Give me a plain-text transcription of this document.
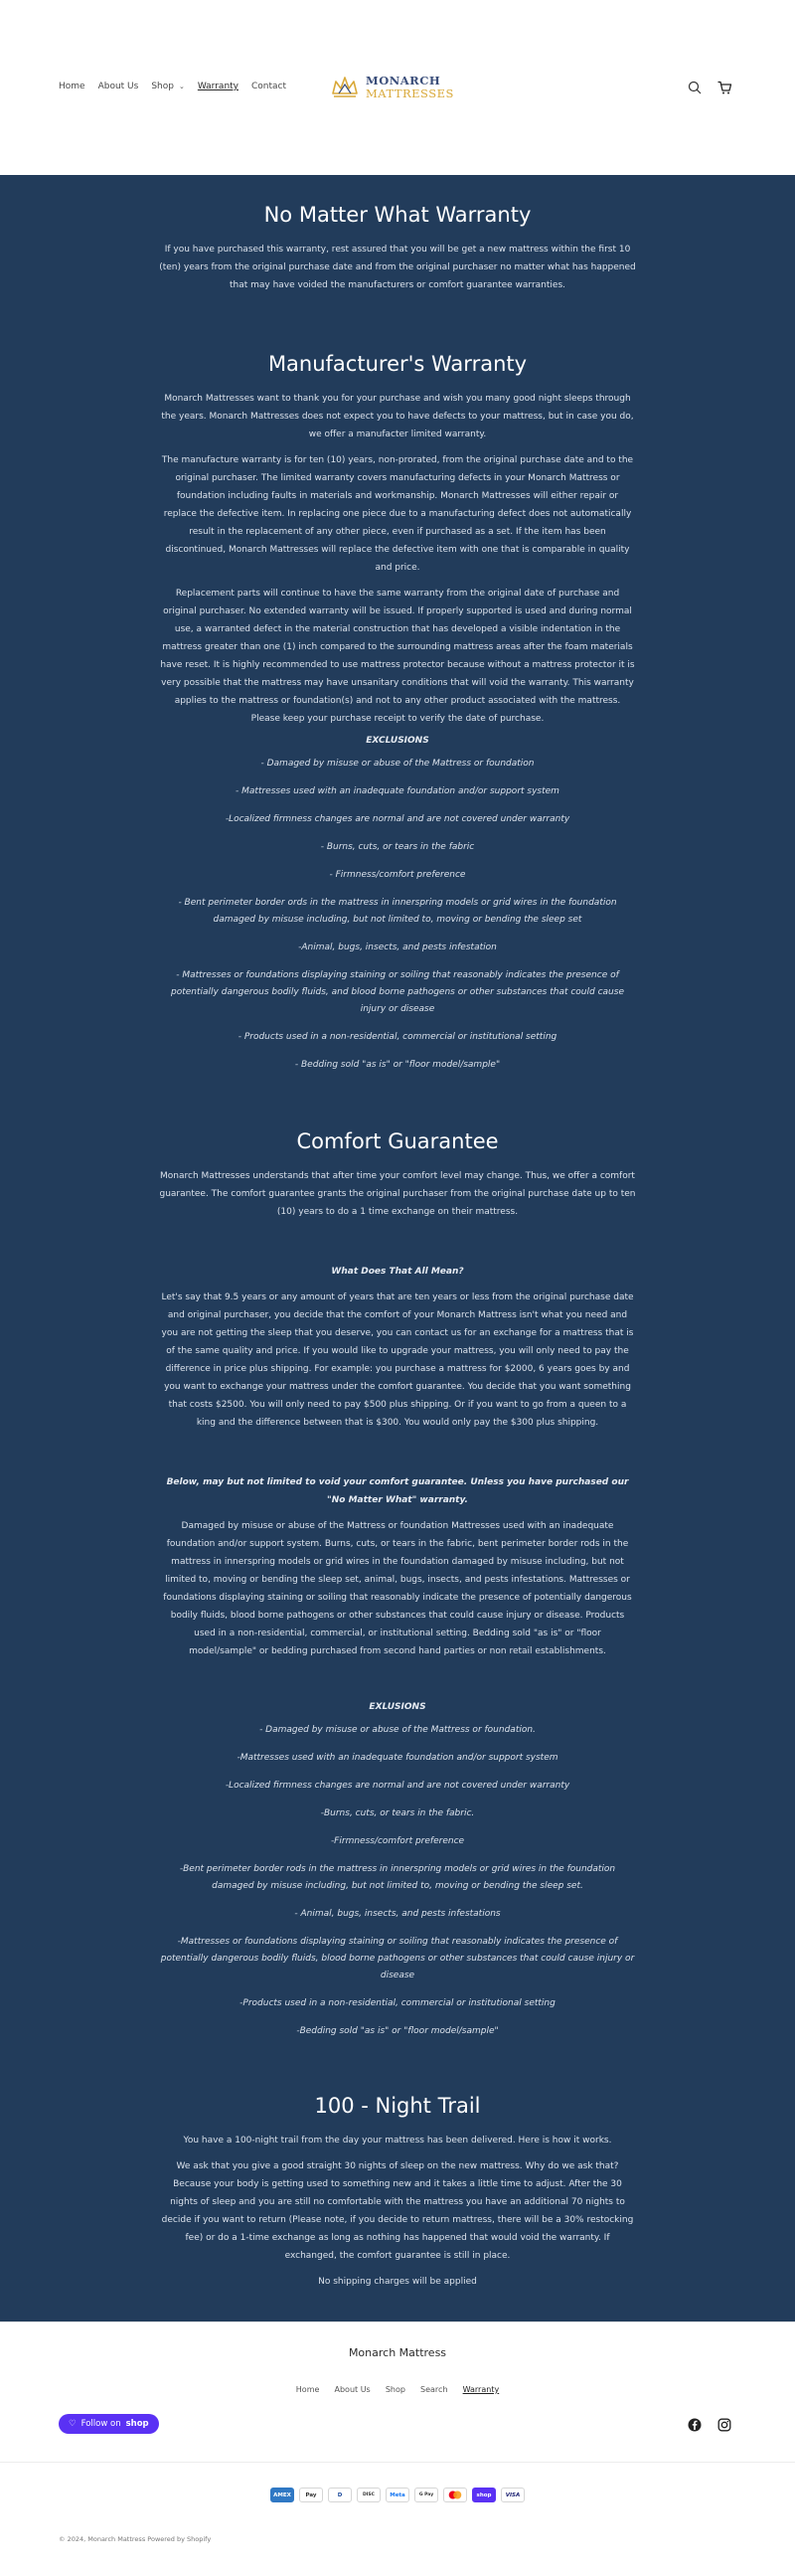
Home About Us Shop ⌄ Warranty Contact	MONARCH
MATTRESSES
No Matter What Warranty

If you have purchased this warranty, rest assured that you will be get a new mattress within the first 10 (ten) years from the original purchase date and from the original purchaser no matter what has happened that may have voided the manufacturers or comfort guarantee warranties.

Manufacturer's Warranty

Monarch Mattresses want to thank you for your purchase and wish you many good night sleeps through the years. Monarch Mattresses does not expect you to have defects to your mattress, but in case you do, we offer a manufacter limited warranty.

The manufacture warranty is for ten (10) years, non-prorated, from the original purchase date and to the original purchaser. The limited warranty covers manufacturing defects in your Monarch Mattress or foundation including faults in materials and workmanship. Monarch Mattresses will either repair or replace the defective item. In replacing one piece due to a manufacturing defect does not automatically result in the replacement of any other piece, even if purchased as a set. If the item has been discontinued, Monarch Mattresses will replace the defective item with one that is comparable in quality and price.

Replacement parts will continue to have the same warranty from the original date of purchase and original purchaser. No extended warranty will be issued. If properly supported is used and during normal use, a warranted defect in the material construction that has developed a visible indentation in the mattress greater than one (1) inch compared to the surrounding mattress areas after the foam materials have reset. It is highly recommended to use mattress protector because without a mattress protector it is very possible that the mattress may have unsanitary conditions that will void the warranty. This warranty applies to the mattress or foundation(s) and not to any other product associated with the mattress. Please keep your purchase receipt to verify the date of purchase.

EXCLUSIONS
- Damaged by misuse or abuse of the Mattress or foundation
- Mattresses used with an inadequate foundation and/or support system
-Localized firmness changes are normal and are not covered under warranty
- Burns, cuts, or tears in the fabric
- Firmness/comfort preference
- Bent perimeter border ords in the mattress in innerspring models or grid wires in the foundation damaged by misuse including, but not limited to, moving or bending the sleep set
-Animal, bugs, insects, and pests infestation
- Mattresses or foundations displaying staining or soiling that reasonably indicates the presence of potentially dangerous bodily fluids, and blood borne pathogens or other substances that could cause injury or disease
- Products used in a non-residential, commercial or institutional setting
- Bedding sold "as is" or "floor model/sample"
Comfort Guarantee

Monarch Mattresses understands that after time your comfort level may change. Thus, we offer a comfort guarantee. The comfort guarantee grants the original purchaser from the original purchase date up to ten (10) years to do a 1 time exchange on their mattress.

What Does That All Mean?

Let's say that 9.5 years or any amount of years that are ten years or less from the original purchase date and original purchaser, you decide that the comfort of your Monarch Mattress isn't what you need and you are not getting the sleep that you deserve, you can contact us for an exchange for a mattress that is of the same quality and price. If you would like to upgrade your mattress, you will only need to pay the difference in price plus shipping. For example: you purchase a mattress for $2000, 6 years goes by and you want to exchange your mattress under the comfort guarantee. You decide that you want something that costs $2500. You will only need to pay $500 plus shipping. Or if you want to go from a queen to a king and the difference between that is $300. You would only pay the $300 plus shipping.

Below, may but not limited to void your comfort guarantee. Unless you have purchased our "No Matter What" warranty.

Damaged by misuse or abuse of the Mattress or foundation Mattresses used with an inadequate foundation and/or support system. Burns, cuts, or tears in the fabric, bent perimeter border rods in the mattress in innerspring models or grid wires in the foundation damaged by misuse including, but not limited to, moving or bending the sleep set, animal, bugs, insects, and pests infestations. Mattresses or foundations displaying staining or soiling that reasonably indicate the presence of potentially dangerous bodily fluids, blood borne pathogens or other substances that could cause injury or disease. Products used in a non-residential, commercial, or institutional setting. Bedding sold "as is" or "floor model/sample" or bedding purchased from second hand parties or non retail establishments.

EXLUSIONS
- Damaged by misuse or abuse of the Mattress or foundation.
-Mattresses used with an inadequate foundation and/or support system
-Localized firmness changes are normal and are not covered under warranty
-Burns, cuts, or tears in the fabric.
-Firmness/comfort preference
-Bent perimeter border rods in the mattress in innerspring models or grid wires in the foundation damaged by misuse including, but not limited to, moving or bending the sleep set.
- Animal, bugs, insects, and pests infestations
-Mattresses or foundations displaying staining or soiling that reasonably indicates the presence of potentially dangerous bodily fluids, blood borne pathogens or other substances that could cause injury or disease
-Products used in a non-residential, commercial or institutional setting
-Bedding sold "as is" or "floor model/sample"
100 - Night Trail

You have a 100-night trail from the day your mattress has been delivered. Here is how it works.

We ask that you give a good straight 30 nights of sleep on the new mattress. Why do we ask that? Because your body is getting used to something new and it takes a little time to adjust. After the 30 nights of sleep and you are still no comfortable with the mattress you have an additional 70 nights to decide if you want to return (Please note, if you decide to return mattress, there will be a 30% restocking fee) or do a 1-time exchange as long as nothing has happened that would void the warranty. If exchanged, the comfort guarantee is still in place.

No shipping charges will be applied

Monarch Mattress
Home About Us Shop Search Warranty
♡ Follow on shop
AMEX	Pay	D	DISC	Meta	G Pay	shop	VISA
© 2024, Monarch Mattress Powered by Shopify
